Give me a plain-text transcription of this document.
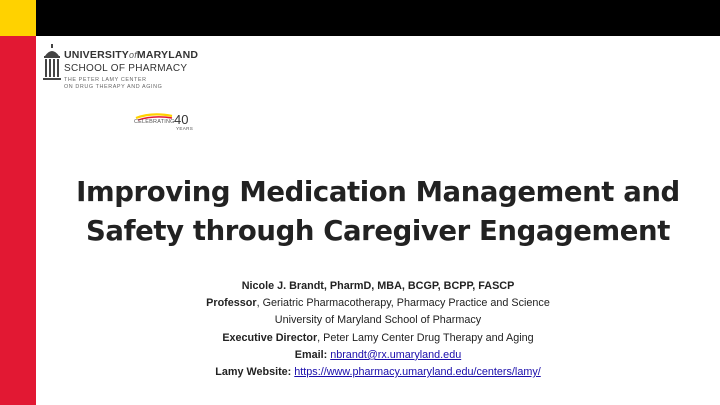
UNIVERSITYofMARYLAND
SCHOOL OF PHARMACY
THE PETER LAMY CENTER
ON DRUG THERAPY AND AGING
CELEBRATING 40
YEARS
Improving Medication Management and
Safety through Caregiver Engagement
Nicole J. Brandt, PharmD, MBA, BCGP, BCPP, FASCP
Professor, Geriatric Pharmacotherapy, Pharmacy Practice and Science
University of Maryland School of Pharmacy
Executive Director, Peter Lamy Center Drug Therapy and Aging
Email: nbrandt@rx.umaryland.edu
Lamy Website: https://www.pharmacy.umaryland.edu/centers/lamy/
